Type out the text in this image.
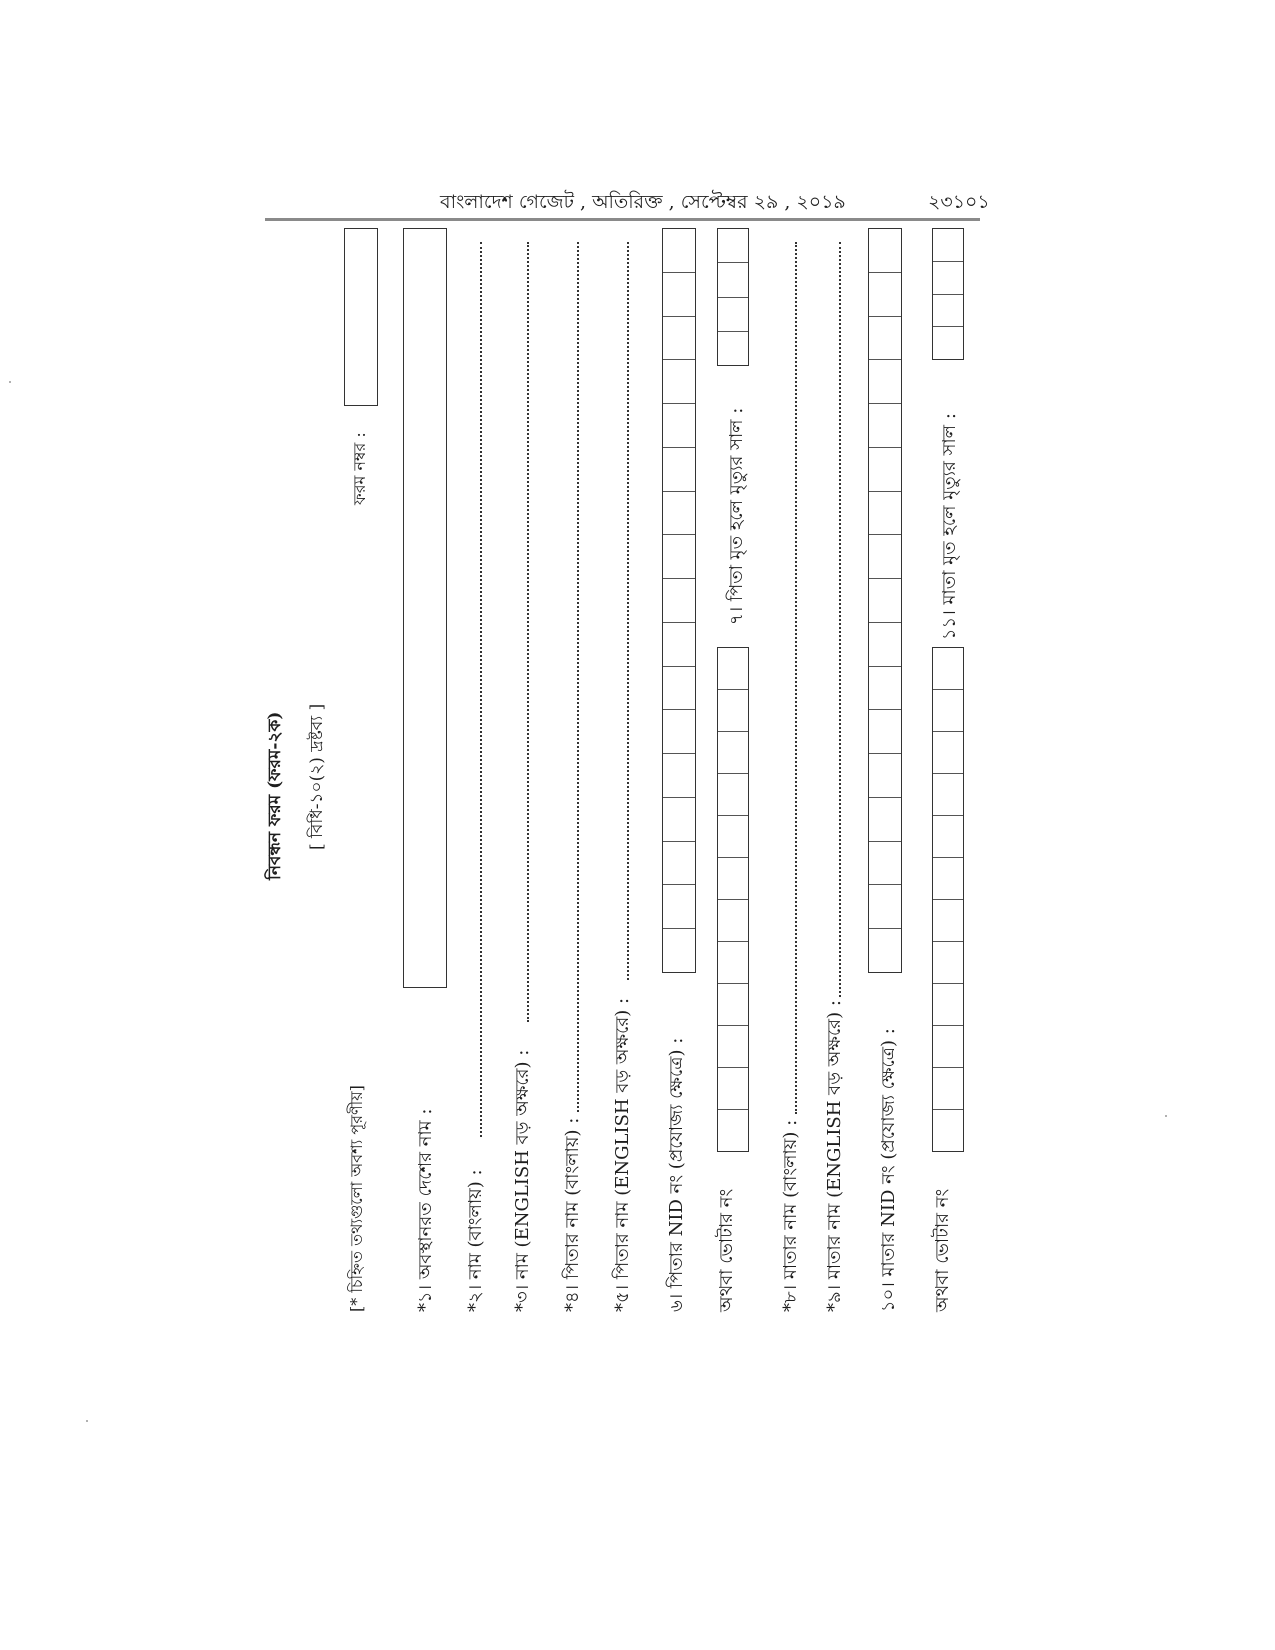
বাংলাদেশ গেজেট , অতিরিক্ত , সেপ্টেম্বর ২৯ , ২০১৯	২৩১০১
নিবন্ধন ফরম (ফরম-২ক) [ বিধি-১০(২) দ্রষ্টব্য ]
ফরম নম্বর :
[* চিহ্নিত তথ্যগুলো অবশ্য পূরণীয়]	*১। অবস্থানরত দেশের নাম : *২। নাম (বাংলায়) : *৩। নাম (ENGLISH বড় অক্ষরে) : *৪। পিতার নাম (বাংলায়) : *৫। পিতার নাম (ENGLISH বড় অক্ষরে) : ৬। পিতার NID নং (প্রযোজ্য ক্ষেত্রে) : অথবা ভোটার নং
৭। পিতা মৃত হলে মৃত্যুর সাল :
*৮। মাতার নাম (বাংলায়) : *৯। মাতার নাম (ENGLISH বড় অক্ষরে) : ১০। মাতার NID নং (প্রযোজ্য ক্ষেত্রে) : অথবা ভোটার নং
১১। মাতা মৃত হলে মৃত্যুর সাল :
